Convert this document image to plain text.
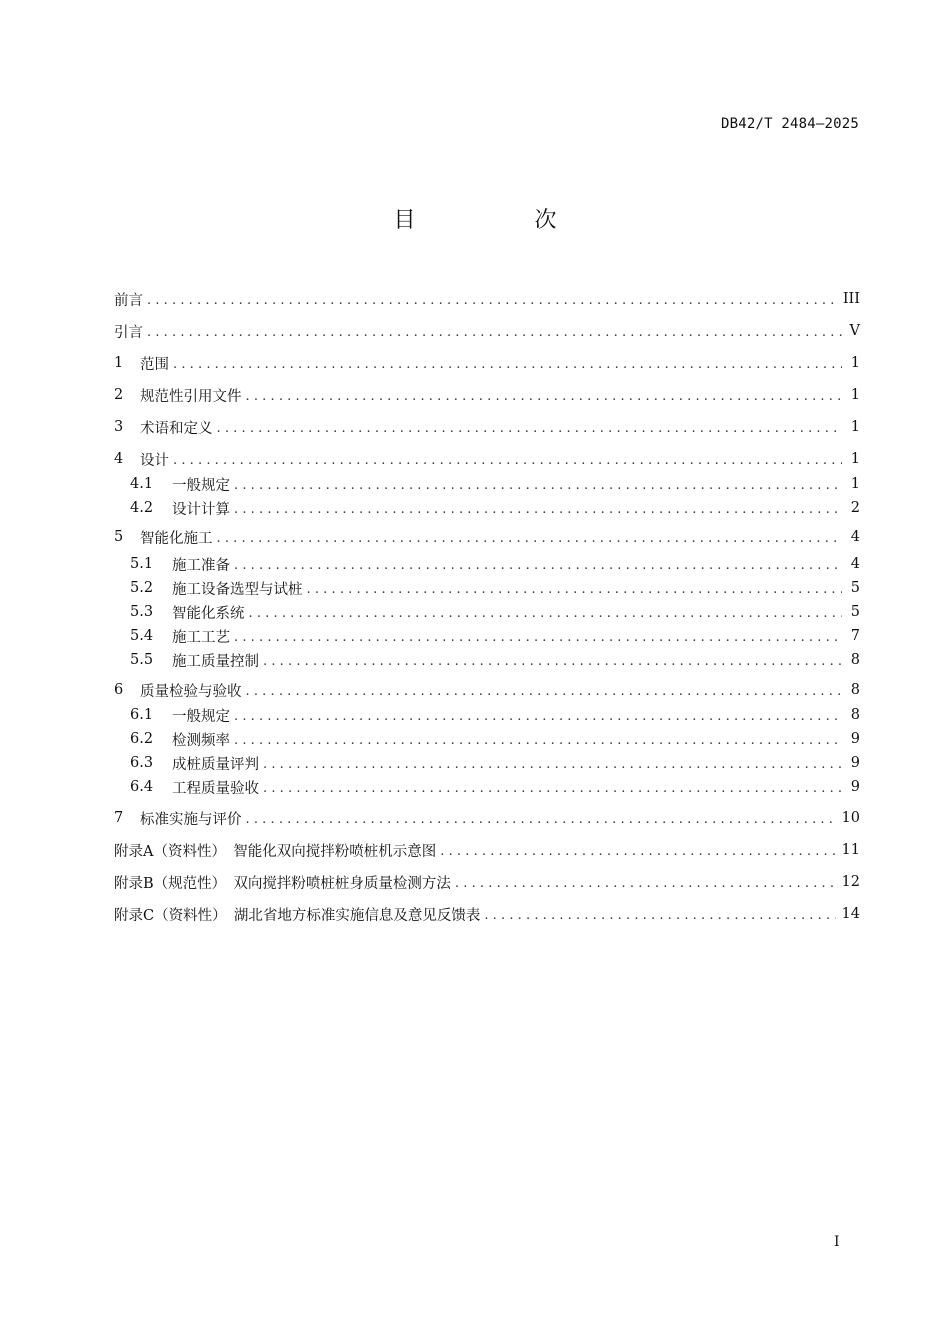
DB42/T 2484—2025
目 次
前言 .....	III
引言 .....	V
1	范围 .....	1
2	规范性引用文件 .....	1
3	术语和定义 .....	1
4	设计 .....	1
4.1	一般规定 .....	1
4.2	设计计算 .....	2
5	智能化施工 .....	4
5.1	施工准备 .....	4
5.2	施工设备选型与试桩 .....	5
5.3	智能化系统 .....	5
5.4	施工工艺 .....	7
5.5	施工质量控制 .....	8
6	质量检验与验收 .....	8
6.1	一般规定 .....	8
6.2	检测频率 .....	9
6.3	成桩质量评判 .....	9
6.4	工程质量验收 .....	9
7	标准实施与评价 .....	10
附录A（资料性）　智能化双向搅拌粉喷桩机示意图 .....	11
附录B（规范性）　双向搅拌粉喷桩桩身质量检测方法 .....	12
附录C（资料性）　湖北省地方标准实施信息及意见反馈表 .....	14
I
